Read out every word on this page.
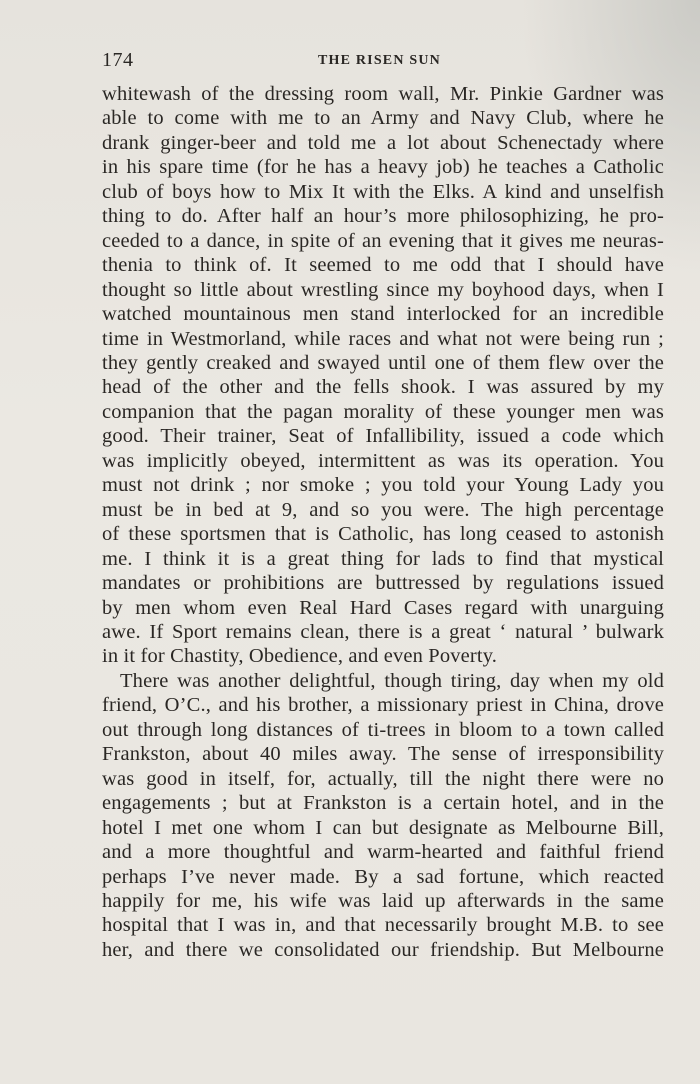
174	THE RISEN SUN
whitewash of the dressing room wall, Mr. Pinkie Gardner was
able to come with me to an Army and Navy Club, where he
drank ginger-beer and told me a lot about Schenectady where
in his spare time (for he has a heavy job) he teaches a Catholic
club of boys how to Mix It with the Elks. A kind and unselfish
thing to do. After half an hour’s more philosophizing, he pro-
ceeded to a dance, in spite of an evening that it gives me neuras-
thenia to think of. It seemed to me odd that I should have
thought so little about wrestling since my boyhood days, when I
watched mountainous men stand interlocked for an incredible
time in Westmorland, while races and what not were being run ;
they gently creaked and swayed until one of them flew over the
head of the other and the fells shook. I was assured by my
companion that the pagan morality of these younger men was
good. Their trainer, Seat of Infallibility, issued a code which
was implicitly obeyed, intermittent as was its operation. You
must not drink ; nor smoke ; you told your Young Lady you
must be in bed at 9, and so you were. The high percentage
of these sportsmen that is Catholic, has long ceased to astonish
me. I think it is a great thing for lads to find that mystical
mandates or prohibitions are buttressed by regulations issued
by men whom even Real Hard Cases regard with unarguing
awe. If Sport remains clean, there is a great ‘ natural ’ bulwark
in it for Chastity, Obedience, and even Poverty.
There was another delightful, though tiring, day when my old
friend, O’C., and his brother, a missionary priest in China, drove
out through long distances of ti-trees in bloom to a town called
Frankston, about 40 miles away. The sense of irresponsibility
was good in itself, for, actually, till the night there were no
engagements ; but at Frankston is a certain hotel, and in the
hotel I met one whom I can but designate as Melbourne Bill,
and a more thoughtful and warm-hearted and faithful friend
perhaps I’ve never made. By a sad fortune, which reacted
happily for me, his wife was laid up afterwards in the same
hospital that I was in, and that necessarily brought M.B. to see
her, and there we consolidated our friendship. But Melbourne
